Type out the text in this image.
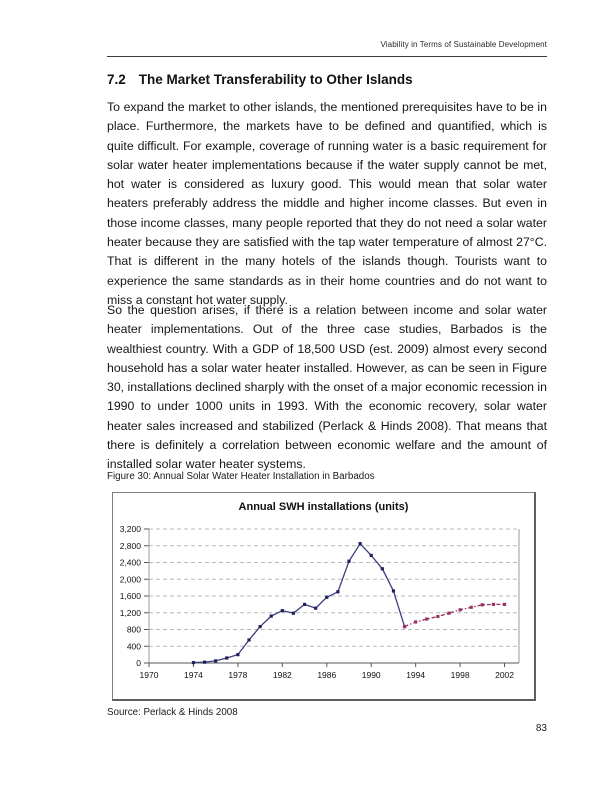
Viability in Terms of Sustainable Development
7.2 The Market Transferability to Other Islands
To expand the market to other islands, the mentioned prerequisites have to be in place. Furthermore, the markets have to be defined and quantified, which is quite difficult. For example, coverage of running water is a basic requirement for solar water heater implementations because if the water supply cannot be met, hot water is considered as luxury good. This would mean that solar water heaters preferably address the middle and higher income classes. But even in those income classes, many people reported that they do not need a solar water heater because they are satisfied with the tap water temperature of almost 27°C. That is different in the many hotels of the islands though. Tourists want to experience the same standards as in their home countries and do not want to miss a constant hot water supply.
So the question arises, if there is a relation between income and solar water heater implementations. Out of the three case studies, Barbados is the wealthiest country. With a GDP of 18,500 USD (est. 2009) almost every second household has a solar water heater installed. However, as can be seen in Figure 30, installations declined sharply with the onset of a major economic recession in 1990 to under 1000 units in 1993. With the economic recovery, solar water heater sales increased and stabilized (Perlack & Hinds 2008). That means that there is definitely a correlation between economic welfare and the amount of installed solar water heater systems.
Figure 30: Annual Solar Water Heater Installation in Barbados
Annual SWH installations (units)
0
400
800
1,200
1,600
2,000
2,400
2,800
3,200
1970	1974	1978	1982	1986	1990	1994	1998	2002
Source: Perlack & Hinds 2008
83
